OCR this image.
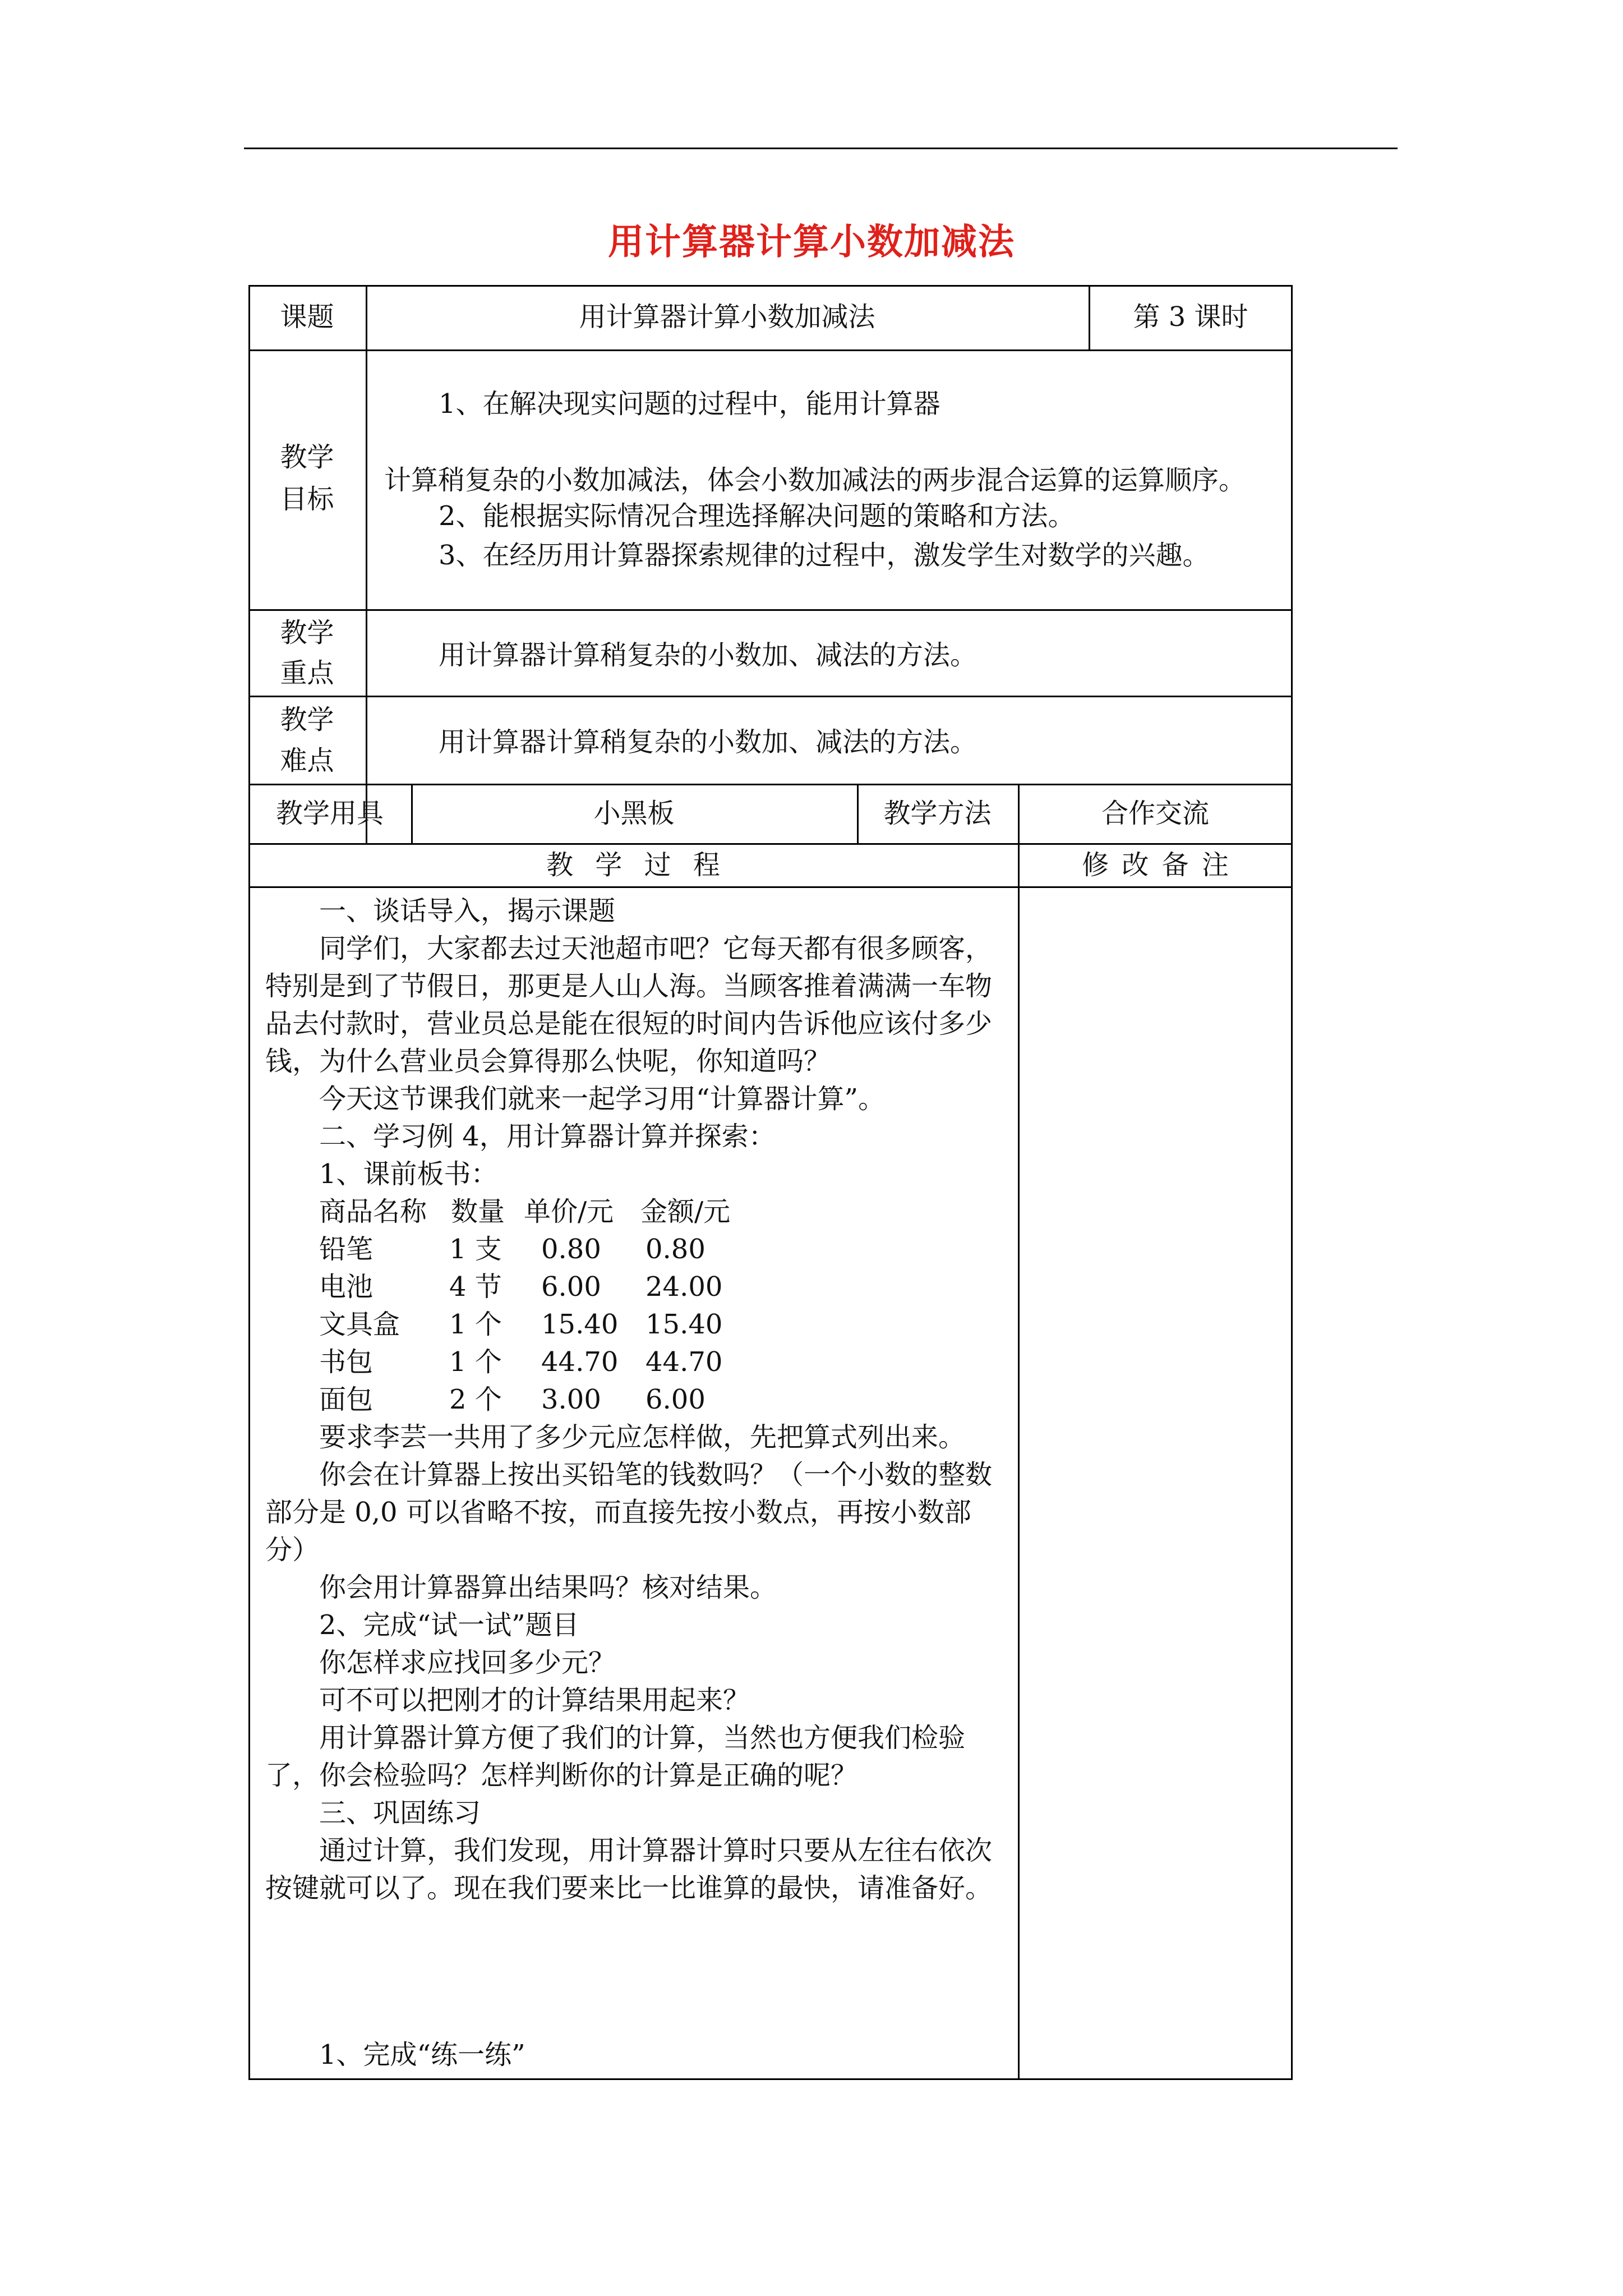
用计算器计算小数加减法
课题	用计算器计算小数加减法	第 3 课时
教学
目标
1、在解决现实问题的过程中，能用计算器
计算稍复杂的小数加减法，体会小数加减法的两步混合运算的运算顺序。
2、能根据实际情况合理选择解决问题的策略和方法。
3、在经历用计算器探索规律的过程中，激发学生对数学的兴趣。
教学
重点
用计算器计算稍复杂的小数加、减法的方法。
教学
难点
用计算器计算稍复杂的小数加、减法的方法。
教学用具	小黑板	教学方法	合作交流
教 学 过 程	修 改 备 注

一、谈话导入，揭示课题

同学们，大家都去过天池超市吧？它每天都有很多顾客，特别是到了节假日，那更是人山人海。当顾客推着满满一车物品去付款时，营业员总是能在很短的时间内告诉他应该付多少钱，为什么营业员会算得那么快呢，你知道吗？

今天这节课我们就来一起学习用“计算器计算”。

二、学习例 4，用计算器计算并探索：

1、课前板书：

商品名称 数量 单价/元 金额/元
铅笔	1 支 0.80 0.80
电池	4 节 6.00 24.00
文具盒 1 个 15.40 15.40
书包	1 个 44.70 44.70
面包	2 个 3.00 6.00

要求李芸一共用了多少元应怎样做，先把算式列出来。

你会在计算器上按出买铅笔的钱数吗？（一个小数的整数部分是 0,0 可以省略不按，而直接先按小数点，再按小数部分）

你会用计算器算出结果吗？核对结果。

2、完成“试一试”题目

你怎样求应找回多少元？

可不可以把刚才的计算结果用起来？

用计算器计算方便了我们的计算，当然也方便我们检验了，你会检验吗？怎样判断你的计算是正确的呢？

三、巩固练习

通过计算，我们发现，用计算器计算时只要从左往右依次按键就可以了。现在我们要来比一比谁算的最快，请准备好。

1、完成“练一练”
